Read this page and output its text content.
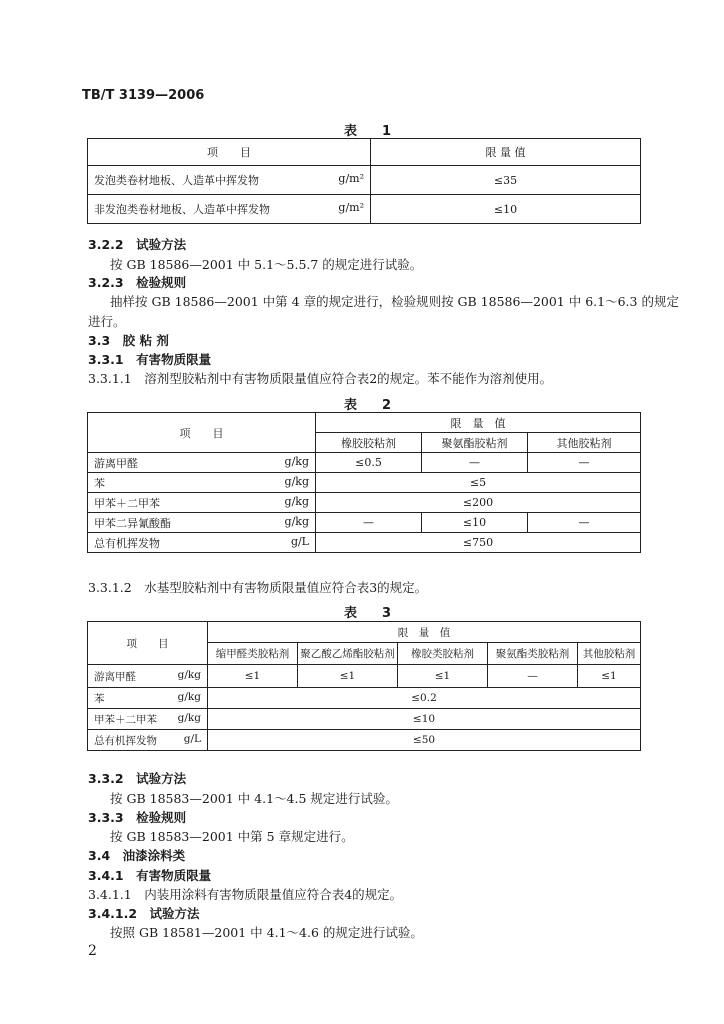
TB/T 3139—2006
表　1
项　　目	限 量 值
发泡类卷材地板、人造革中挥发物 g/m²	≤35
非发泡类卷材地板、人造革中挥发物 g/m²	≤10
3.2.2　试验方法
按 GB 18586—2001 中 5.1～5.5.7 的规定进行试验。
3.2.3　检验规则
抽样按 GB 18586—2001 中第 4 章的规定进行，检验规则按 GB 18586—2001 中 6.1～6.3 的规定
进行。
3.3　胶 粘 剂
3.3.1　有害物质限量
3.3.1.1　溶剂型胶粘剂中有害物质限量值应符合表2的规定。苯不能作为溶剂使用。
表　2
项　　目	限　量　值		
	橡胶胶粘剂	聚氨酯胶粘剂	其他胶粘剂
游离甲醛 g/kg	≤0.5	—	—
苯 g/kg	≤5		
甲苯＋二甲苯 g/kg	≤200		
甲苯二异氰酸酯 g/kg	—	≤10	—
总有机挥发物 g/L	≤750		
3.3.1.2　水基型胶粘剂中有害物质限量值应符合表3的规定。
表　3
项　　目	限　量　值				
	缩甲醛类胶粘剂	聚乙酸乙烯酯胶粘剂	橡胶类胶粘剂	聚氨酯类胶粘剂	其他胶粘剂
游离甲醛 g/kg	≤1	≤1	≤1	—	≤1
苯 g/kg	≤0.2				
甲苯＋二甲苯 g/kg	≤10				
总有机挥发物 g/L	≤50				
3.3.2　试验方法
按 GB 18583—2001 中 4.1～4.5 规定进行试验。
3.3.3　检验规则
按 GB 18583—2001 中第 5 章规定进行。
3.4　油漆涂料类
3.4.1　有害物质限量
3.4.1.1　内装用涂料有害物质限量值应符合表4的规定。
3.4.1.2　试验方法
按照 GB 18581—2001 中 4.1～4.6 的规定进行试验。
2
